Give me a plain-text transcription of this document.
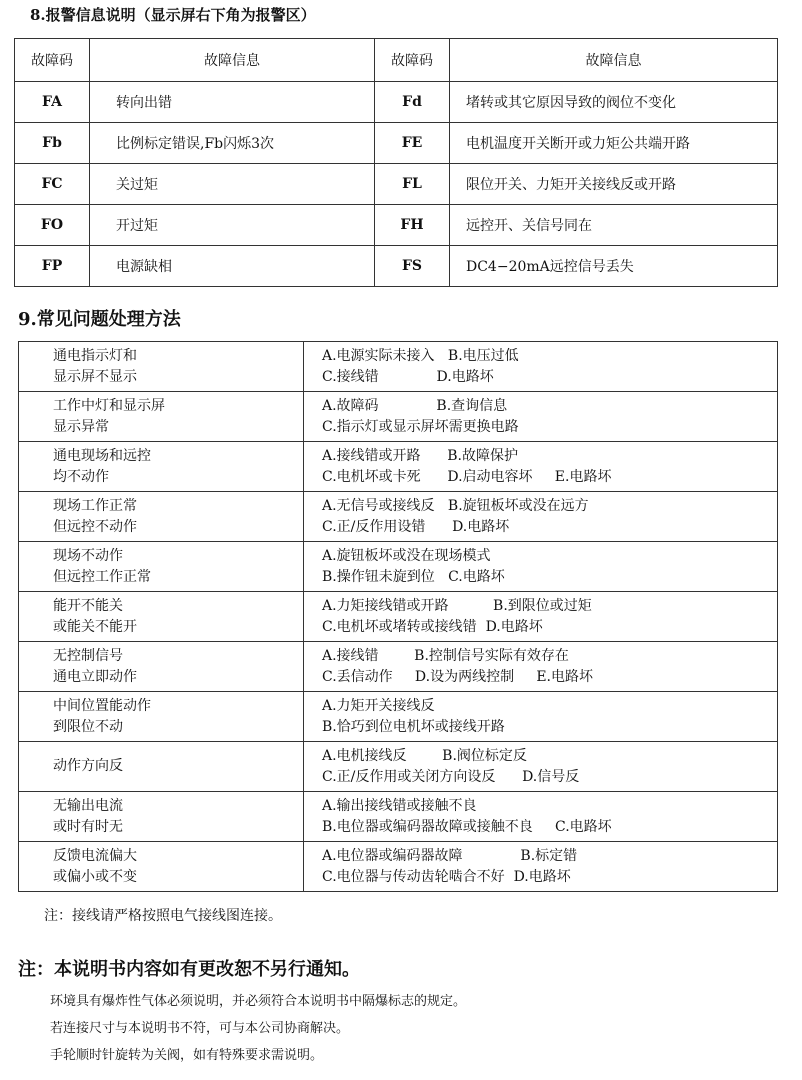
8.报警信息说明（显示屏右下角为报警区）
故障码	故障信息	故障码	故障信息
FA	转向出错	Fd	堵转或其它原因导致的阀位不变化
Fb	比例标定错误,Fb闪烁3次	FE	电机温度开关断开或力矩公共端开路
FC	关过矩	FL	限位开关、力矩开关接线反或开路
FO	开过矩	FH	远控开、关信号同在
FP	电源缺相	FS	DC4−20mA远控信号丢失
9.常见问题处理方法
通电指示灯和
显示屏不显示	A.电源实际未接入   B.电压过低
C.接线错             D.电路坏

工作中灯和显示屏
显示异常	A.故障码             B.查询信息
C.指示灯或显示屏坏需更换电路

通电现场和远控
均不动作	A.接线错或开路      B.故障保护
C.电机坏或卡死      D.启动电容坏     E.电路坏

现场工作正常
但远控不动作	A.无信号或接线反   B.旋钮板坏或没在远方
C.正/反作用设错      D.电路坏

现场不动作
但远控工作正常	A.旋钮板坏或没在现场模式
B.操作钮未旋到位   C.电路坏

能开不能关
或能关不能开	A.力矩接线错或开路          B.到限位或过矩
C.电机坏或堵转或接线错  D.电路坏

无控制信号
通电立即动作	A.接线错        B.控制信号实际有效存在
C.丢信动作     D.设为两线控制     E.电路坏

中间位置能动作
到限位不动	A.力矩开关接线反
B.恰巧到位电机坏或接线开路

动作方向反	A.电机接线反        B.阀位标定反
C.正/反作用或关闭方向设反      D.信号反

无输出电流
或时有时无	A.输出接线错或接触不良
B.电位器或编码器故障或接触不良     C.电路坏

反馈电流偏大
或偏小或不变	A.电位器或编码器故障             B.标定错
C.电位器与传动齿轮啮合不好  D.电路坏
注：接线请严格按照电气接线图连接。
注：本说明书内容如有更改恕不另行通知。
环境具有爆炸性气体必须说明，并必须符合本说明书中隔爆标志的规定。
若连接尺寸与本说明书不符，可与本公司协商解决。
手轮顺时针旋转为关阀，如有特殊要求需说明。
